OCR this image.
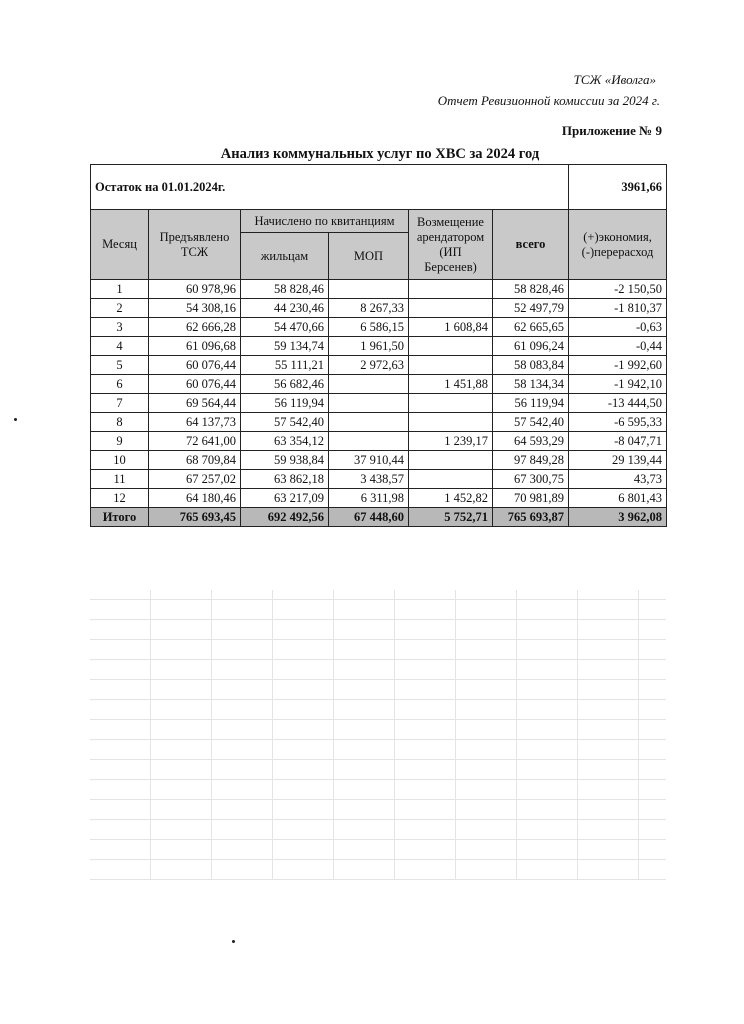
ТСЖ «Иволга»
Отчет Ревизионной комиссии за 2024 г.
Приложение № 9
Анализ коммунальных услуг по ХВС за 2024 год
Остаток на 01.01.2024г.						3961,66
Месяц	Предъявлено ТСЖ	Начислено по квитанциям		Возмещение арендатором (ИП Берсенев)	всего	(+)экономия, (-)перерасход
		жильцам	МОП			
1	60 978,96	58 828,46			58 828,46	-2 150,50
2	54 308,16	44 230,46	8 267,33		52 497,79	-1 810,37
3	62 666,28	54 470,66	6 586,15	1 608,84	62 665,65	-0,63
4	61 096,68	59 134,74	1 961,50		61 096,24	-0,44
5	60 076,44	55 111,21	2 972,63		58 083,84	-1 992,60
6	60 076,44	56 682,46		1 451,88	58 134,34	-1 942,10
7	69 564,44	56 119,94			56 119,94	-13 444,50
8	64 137,73	57 542,40			57 542,40	-6 595,33
9	72 641,00	63 354,12		1 239,17	64 593,29	-8 047,71
10	68 709,84	59 938,84	37 910,44		97 849,28	29 139,44
11	67 257,02	63 862,18	3 438,57		67 300,75	43,73
12	64 180,46	63 217,09	6 311,98	1 452,82	70 981,89	6 801,43
Итого	765 693,45	692 492,56	67 448,60	5 752,71	765 693,87	3 962,08
